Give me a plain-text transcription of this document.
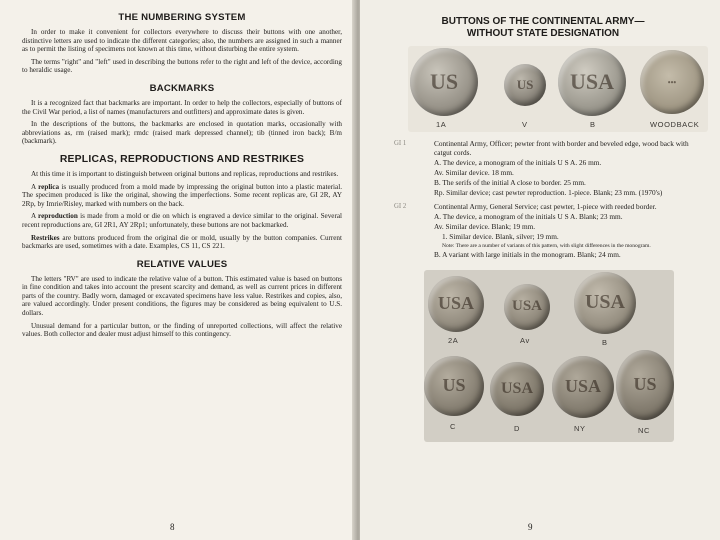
THE NUMBERING SYSTEM

In order to make it convenient for collectors everywhere to discuss their buttons with one another, distinctive letters are used to indicate the different categories; also, the numbers are assigned in such a manner as to permit the listing of specimens not known at this time, without disturbing the entire system.

The terms "right" and "left" used in describing the buttons refer to the right and left of the device, according to heraldic usage.

BACKMARKS

It is a recognized fact that backmarks are important. In order to help the collectors, especially of buttons of the Civil War period, a list of names (manufacturers and outfitters) and approximate dates is given.

In the descriptions of the buttons, the backmarks are enclosed in quotation marks, occasionally with abbreviations as, rm (raised mark); rmdc (raised mark depressed channel); tib (tinned iron back); B/m (backmark).

REPLICAS, REPRODUCTIONS AND RESTRIKES

At this time it is important to distinguish between original buttons and replicas, reproductions and restrikes.

A replica is usually produced from a mold made by impressing the original button into a plastic material. The specimen produced is like the original, showing the imperfections. Some recent replicas are, GI 2R, AY 2Rp, by Imrie/Risley, marked with numbers on the back.

A reproduction is made from a mold or die on which is engraved a device similar to the original. Several recent reproductions are, GI 2R1, AY 2Rp1; unfortunately, these buttons are not backmarked.

Restrikes are buttons produced from the original die or mold, usually by the button companies. Current backmarks are used, sometimes with a date. Examples, CS 11, CS 221.

RELATIVE VALUES

The letters "RV" are used to indicate the relative value of a button. This estimated value is based on buttons in fine condition and takes into account the present scarcity and demand, as well as current prices in different parts of the country. Badly worn, damaged or excavated specimens have less value. Restrikes and copies, also, are valued accordingly. Under present conditions, the figures may be considered as being equivalent to U.S. dollars.

Unusual demand for a particular button, or the finding of unreported collections, will affect the relative values. Both collector and dealer must adjust himself to this contingency.

8
BUTTONS OF THE CONTINENTAL ARMY—
WITHOUT STATE DESIGNATION
US	US	USA	•••
1A	V	B	WOODBACK
GI 1	Continental Army, Officer; pewter front with border and beveled edge, wood back with catgut cords.

A. The device, a monogram of the initials U S A. 26 mm.

Av. Similar device. 18 mm.

B. The serifs of the initial A close to border. 25 mm.

Rp. Similar device; cast pewter reproduction. 1-piece. Blank; 23 mm. (1970's)

GI 2	Continental Army, General Service; cast pewter, 1-piece with reeded border.

A. The device, a monogram of the initials U S A. Blank; 23 mm.

Av. Similar device. Blank; 19 mm.

1. Similar device. Blank, silver; 19 mm.

Note: There are a number of variants of this pattern, with slight differences in the monogram.

B. A variant with large initials in the monogram. Blank; 24 mm.

USA	USA	USA
US	USA	USA	US
2A	Av	B
C	D	NY	NC
9
